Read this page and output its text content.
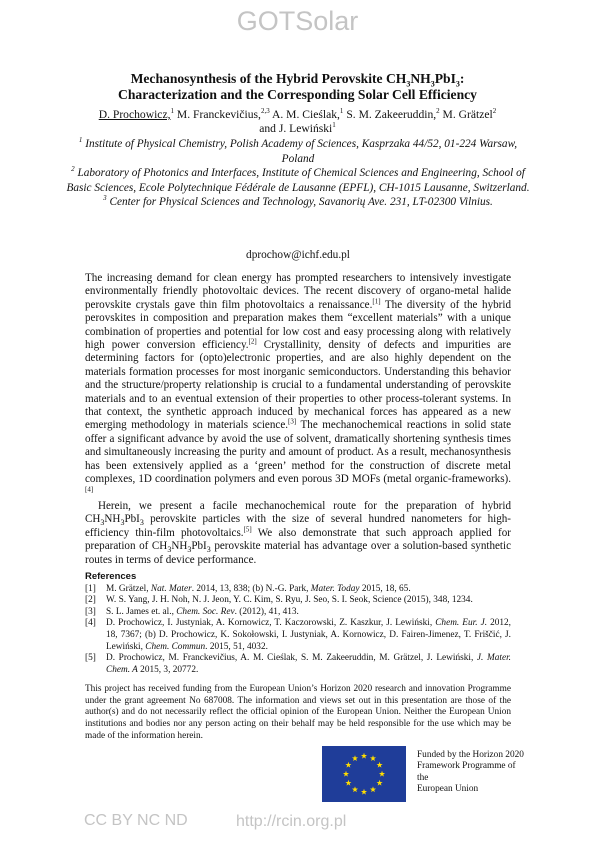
GOTSolar
Mechanosynthesis of the Hybrid Perovskite $CH_3NH_3PbI_3$:
Characterization and the Corresponding Solar Cell Efficiency
D. Prochowicz,$^1$ M. Franckevičius,$^{2,3}$ A. M. Cieślak,$^1$ S. M. Zakeeruddin,$^2$ M. Grätzel$^2$
and J. Lewiński$^1$
$^1$ Institute of Physical Chemistry, Polish Academy of Sciences, Kasprzaka 44/52, 01-224 Warsaw, Poland
$^2$ Laboratory of Photonics and Interfaces, Institute of Chemical Sciences and Engineering, School of Basic Sciences, Ecole Polytechnique Fédérale de Lausanne (EPFL), CH-1015 Lausanne, Switzerland.
$^3$ Center for Physical Sciences and Technology, Savanorių Ave. 231, LT-02300 Vilnius.
dprochow@ichf.edu.pl

The increasing demand for clean energy has prompted researchers to intensively investigate environmentally friendly photovoltaic devices. The recent discovery of organo-metal halide perovskite crystals gave thin film photovoltaics a renaissance.[1] The diversity of the hybrid perovskites in composition and preparation makes them “excellent materials” with a unique combination of properties and potential for low cost and easy processing along with relatively high power conversion efficiency.[2] Crystallinity, density of defects and impurities are determining factors for (opto)electronic properties, and are also highly dependent on the materials formation processes for most inorganic semiconductors. Understanding this behavior and the structure/property relationship is crucial to a fundamental understanding of perovskite materials and to an eventual extension of their properties to other process-tolerant systems. In that context, the synthetic approach induced by mechanical forces has appeared as a new emerging methodology in materials science.[3] The mechanochemical reactions in solid state offer a significant advance by avoid the use of solvent, dramatically shortening synthesis times and simultaneously increasing the purity and amount of product. As a result, mechanosynthesis has been extensively applied as a ‘green’ method for the construction of discrete metal complexes, 1D coordination polymers and even porous 3D MOFs (metal organic-frameworks).[4]

Herein, we present a facile mechanochemical route for the preparation of hybrid $CH_3NH_3PbI_3$ perovskite particles with the size of several hundred nanometers for high-efficiency thin-film photovoltaics.[5] We also demonstrate that such approach applied for preparation of $CH_3NH_3PbI_3$ perovskite material has advantage over a solution-based synthetic routes in terms of device performance.

References
[1]	M. Grätzel, Nat. Mater. 2014, 13, 838; (b) N.-G. Park, Mater. Today 2015, 18, 65.
[2]	W. S. Yang, J. H. Noh, N. J. Jeon, Y. C. Kim, S. Ryu, J. Seo, S. I. Seok, Science (2015), 348, 1234.
[3]	S. L. James et. al., Chem. Soc. Rev. (2012), 41, 413.
[4]	D. Prochowicz, I. Justyniak, A. Kornowicz, T. Kaczorowski, Z. Kaszkur, J. Lewiński, Chem. Eur. J. 2012, 18, 7367; (b) D. Prochowicz, K. Sokołowski, I. Justyniak, A. Kornowicz, D. Fairen-Jimenez, T. Friščić, J. Lewiński, Chem. Commun. 2015, 51, 4032.
[5]	D. Prochowicz, M. Franckevičius, A. M. Cieślak, S. M. Zakeeruddin, M. Grätzel, J. Lewiński, J. Mater. Chem. A 2015, 3, 20772.
This project has received funding from the European Union’s Horizon 2020 research and innovation Programme under the grant agreement No 687008. The information and views set out in this presentation are those of the author(s) and do not necessarily reflect the official opinion of the European Union. Neither the European Union institutions and bodies nor any person acting on their behalf may be held responsible for the use which may be made of the information herein.
Funded by the Horizon 2020
Framework Programme of the
European Union
CC BY NC ND	http://rcin.org.pl
